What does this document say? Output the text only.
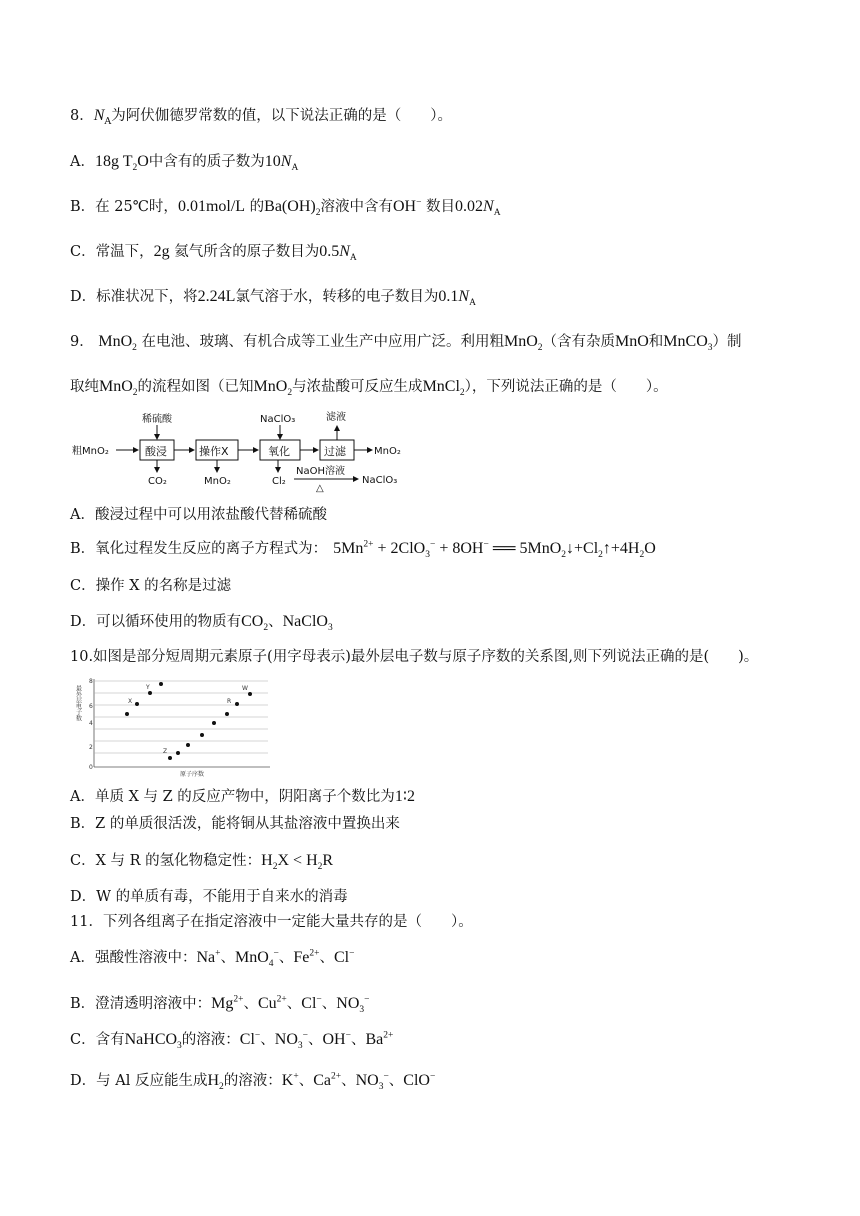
8．$N_A$为阿伏伽德罗常数的值，以下说法正确的是（　　）。
A．18g $T_2O$中含有的质子数为$10N_A$
B．在 25℃时，0.01mol/L 的$Ba(OH)_2$溶液中含有OH− 数目$0.02N_A$
C．常温下，2g 氦气所含的原子数目为$0.5N_A$
D．标准状况下，将2.24L氯气溶于水，转移的电子数目为$0.1N_A$
9． MnO$_2$ 在电池、玻璃、有机合成等工业生产中应用广泛。利用粗MnO$_2$（含有杂质MnO和MnCO$_3$）制
取纯MnO$_2$的流程如图（已知MnO$_2$与浓盐酸可反应生成MnCl$_2$），下列说法正确的是（　　）。
粗MnO₂	酸浸	操作X	氧化	过滤	MnO₂
稀硫酸	NaClO₃	滤液
CO₂	MnO₂	Cl₂
NaOH溶液
△
NaClO₃
A．酸浸过程中可以用浓盐酸代替稀硫酸
B．氧化过程发生反应的离子方程式为： $5Mn^{2+} + 2ClO_3^- + 8OH^-$ ══ $5MnO_2↓+Cl_2↑+4H_2O$
C．操作 X 的名称是过滤
D．可以循环使用的物质有$CO_2$、NaClO$_3$
10.如图是部分短周期元素原子(用字母表示)最外层电子数与原子序数的关系图,则下列说法正确的是(　　)。
最外层电子数
8
6
4
2
0
原子序数
Y
X
W
R
Z
A．单质 X 与 Z 的反应产物中，阴阳离子个数比为1∶2
B．Z 的单质很活泼，能将铜从其盐溶液中置换出来
C．X 与 R 的氢化物稳定性：$H_2X < H_2R$
D．W 的单质有毒，不能用于自来水的消毒
11．下列各组离子在指定溶液中一定能大量共存的是（　　）。
A．强酸性溶液中：Na+、MnO$_4$−、$Fe^{2+}$、Cl−
B．澄清透明溶液中：$Mg^{2+}$、$Cu^{2+}$、Cl−、$NO_3^-$
C．含有NaHCO$_3$的溶液：Cl−、$NO_3^-$、OH−、$Ba^{2+}$
D．与 Al 反应能生成$H_2$的溶液：K+、$Ca^{2+}$、$NO_3^-$、ClO−
